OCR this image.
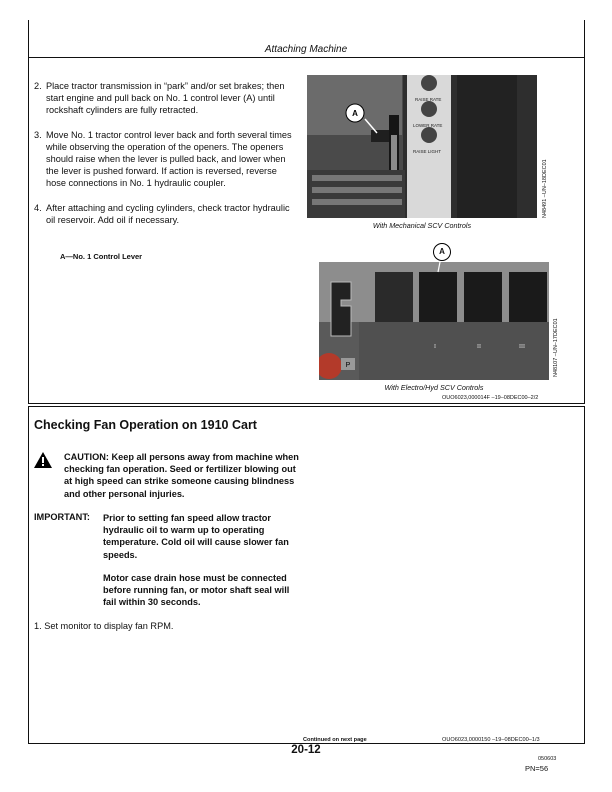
Attaching Machine
2. Place tractor transmission in “park” and/or set brakes; then start engine and pull back on No. 1 control lever (A) until rockshaft cylinders are fully retracted.
3. Move No. 1 tractor control lever back and forth several times while observing the operation of the openers. The openers should raise when the lever is pulled back, and lower when the lever is pushed forward. If action is reversed, reverse hose connections in No. 1 hydraulic coupler.
4. After attaching and cycling cylinders, check tractor hydraulic oil reservoir. Add oil if necessary.
A—No. 1 Control Lever
RAISE RATE
LOWER RATE
RAISE LIGHT
A
N48491 –UN–18DEC01
With Mechanical SCV Controls
I	II	III
P
A
N48107 –UN–17DEC01
With Electro/Hyd SCV Controls
OUO6023,000014F –19–08DEC00–2/2
Checking Fan Operation on 1910 Cart
CAUTION: Keep all persons away from machine when checking fan operation. Seed or fertilizer blowing out at high speed can strike someone causing blindness and other personal injuries.
IMPORTANT: Prior to setting fan speed allow tractor hydraulic oil to warm up to operating temperature. Cold oil will cause slower fan speeds.
Motor case drain hose must be connected before running fan, or motor shaft seal will fail within 30 seconds.
1. Set monitor to display fan RPM.
Continued on next page	OUO6023,0000150 –19–08DEC00–1/3
20-12
050603
PN=56
